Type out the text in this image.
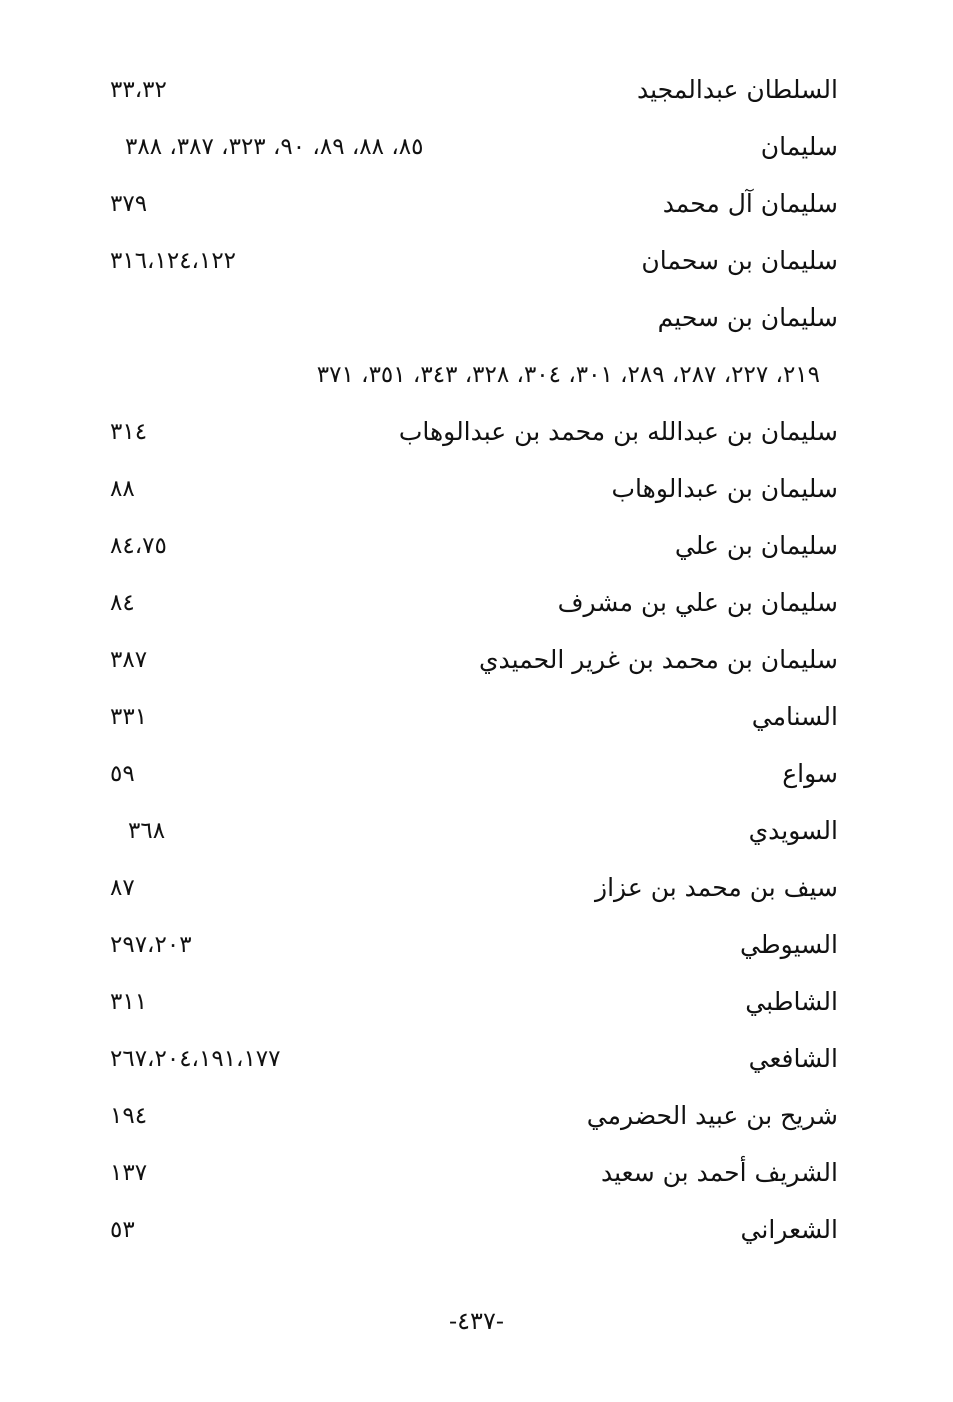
السلطان عبدالمجيد
٣٣،٣٢
سليمان
٨٥، ٨٨، ٨٩، ٩٠، ٣٢٣، ٣٨٧، ٣٨٨
سليمان آل محمد
٣٧٩
سليمان بن سحمان
٣١٦،١٢٤،١٢٢
سليمان بن سحيم
٢١٩، ٢٢٧، ٢٨٧، ٢٨٩، ٣٠١، ٣٠٤، ٣٢٨، ٣٤٣، ٣٥١، ٣٧١
سليمان بن عبدالله بن محمد بن عبدالوهاب
٣١٤
سليمان بن عبدالوهاب
٨٨
سليمان بن علي
٨٤،٧٥
سليمان بن علي بن مشرف
٨٤
سليمان بن محمد بن غرير الحميدي
٣٨٧
السنامي
٣٣١
سواع
٥٩
السويدي
٣٦٨
سيف بن محمد بن عزاز
٨٧
السيوطي
٢٩٧،٢٠٣
الشاطبي
٣١١
الشافعي
٢٦٧،٢٠٤،١٩١،١٧٧
شريح بن عبيد الحضرمي
١٩٤
الشريف أحمد بن سعيد
١٣٧
الشعراني
٥٣
-٤٣٧-
